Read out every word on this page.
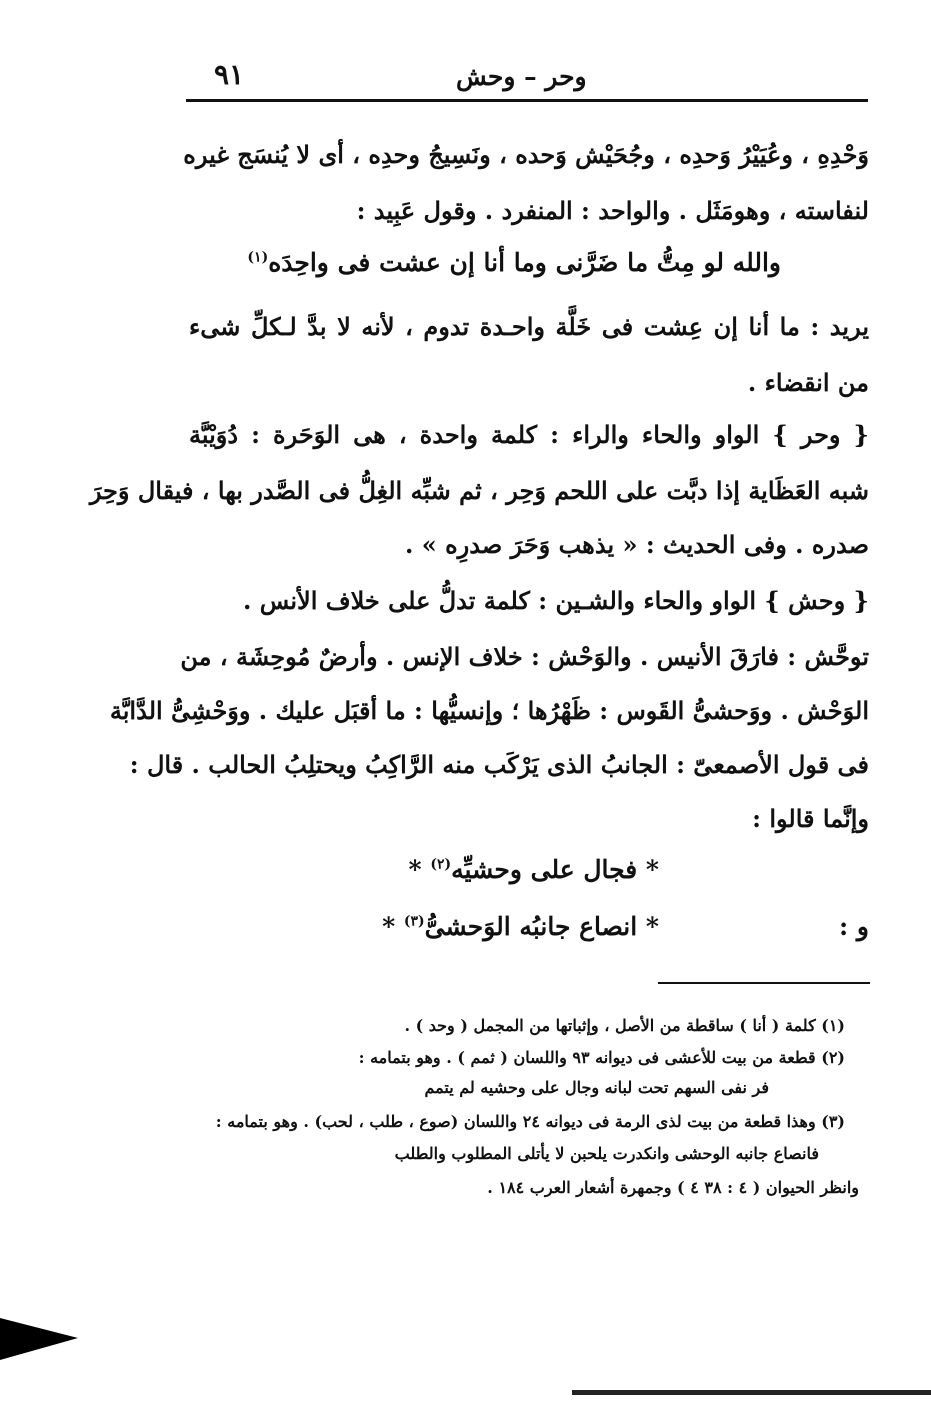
٩١	وحر – وحش
وَحْدِهِ ، وعُيَيْرُ وَحدِه ، وجُحَيْش وَحده ، ونَسِيجُ وحدِه ، أى لا يُنسَج غيره
لنفاسته ، وهومَثَل . والواحد : المنفرد . وقول عَبِيد :
والله لو مِتُّ ما ضَرَّنى وما أنا إن عشت فى واحِدَه$^{(١)}$
يريد : ما أنا إن عِشت فى خَلَّة واحـدة تدوم ، لأنه لا بدَّ لـكلِّ شىء
من انقضاء .
{ وحر } الواو والحاء والراء : كلمة واحدة ، هى الوَحَرة : دُوَيْبَّة
شبه العَظَاية إذا دبَّت على اللحم وَحِر ، ثم شبِّه الغِلُّ فى الصَّدر بها ، فيقال وَحِرَ
صدره . وفى الحديث : « يذهب وَحَرَ صدرِه » .
{ وحش } الواو والحاء والشـين : كلمة تدلُّ على خلاف الأنس .
توحَّش : فارَقَ الأنيس . والوَحْش : خلاف الإنس . وأرضٌ مُوحِشَة ، من
الوَحْش . ووَحشىُّ القَوس : ظَهْرُها ؛ وإنسيُّها : ما أقبَل عليك . ووَحْشِىُّ الدَّابَّة
فى قول الأصمعىّ : الجانبُ الذى يَرْكَب منه الرَّاكِبُ ويحتلِبُ الحالب . قال :
وإنَّما قالوا :
* فجال على وحشيِّه$^{(٢)}$ *
و :
* انصاع جانبُه الوَحشىُّ$^{(٣)}$ *
(١) كلمة ( أنا ) ساقطة من الأصل ، وإثباتها من المجمل ( وحد ) .
(٢) قطعة من بيت للأعشى فى ديوانه ٩٣ واللسان ( ثمم ) . وهو بتمامه :
فر نفى السهم تحت لبانه وجال على وحشيه لم يتمم
(٣) وهذا قطعة من بيت لذى الرمة فى ديوانه ٢٤ واللسان (صوع ، طلب ، لحب) . وهو بتمامه :
فانصاع جانبه الوحشى وانكدرت يلحبن لا يأتلى المطلوب والطلب
وانظر الحيوان ( ٤ : ٣٨ ٤ ) وجمهرة أشعار العرب ١٨٤ .
